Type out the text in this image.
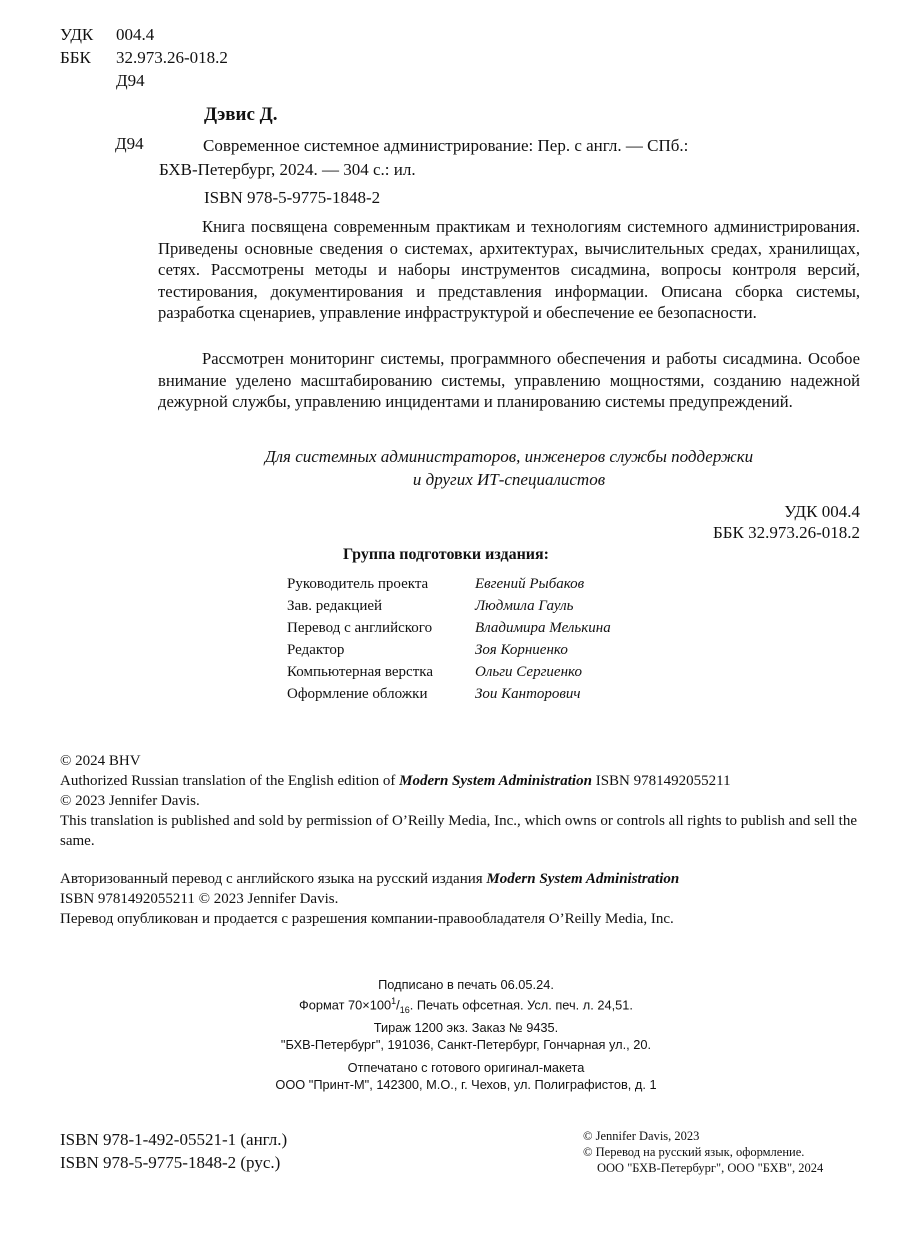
УДК 004.4
ББК 32.973.26-018.2
Д94
Дэвис Д.
Д94	Современное системное администрирование: Пер. с англ. — СПб.:
БХВ-Петербург, 2024. — 304 с.: ил.
ISBN 978-5-9775-1848-2
Книга посвящена современным практикам и технологиям системного администрирования. Приведены основные сведения о системах, архитектурах, вычислительных средах, хранилищах, сетях. Рассмотрены методы и наборы инструментов сисадмина, вопросы контроля версий, тестирования, документирования и представления информации. Описана сборка системы, разработка сценариев, управление инфраструктурой и обеспечение ее безопасности.
Рассмотрен мониторинг системы, программного обеспечения и работы сисадмина. Особое внимание уделено масштабированию системы, управлению мощностями, созданию надежной дежурной службы, управлению инцидентами и планированию системы предупреждений.
Для системных администраторов, инженеров службы поддержки
и других ИТ-специалистов
УДК 004.4
ББК 32.973.26-018.2
Группа подготовки издания:
Руководитель проекта	Евгений Рыбаков
Зав. редакцией	Людмила Гауль
Перевод с английского	Владимира Мелькина
Редактор	Зоя Корниенко
Компьютерная верстка	Ольги Сергиенко
Оформление обложки	Зои Канторович
© 2024 BHV
Authorized Russian translation of the English edition of Modern System Administration ISBN 9781492055211
© 2023 Jennifer Davis.
This translation is published and sold by permission of O’Reilly Media, Inc., which owns or controls all rights to publish and sell the same.
Авторизованный перевод с английского языка на русский издания Modern System Administration
ISBN 9781492055211 © 2023 Jennifer Davis.
Перевод опубликован и продается с разрешения компании-правообладателя O’Reilly Media, Inc.
Подписано в печать 06.05.24.
Формат $70\times 100^1/_{16}$. Печать офсетная. Усл. печ. л. 24,51.
Тираж 1200 экз. Заказ № 9435.
"БХВ-Петербург", 191036, Санкт-Петербург, Гончарная ул., 20.
Отпечатано с готового оригинал-макета
ООО "Принт-М", 142300, М.О., г. Чехов, ул. Полиграфистов, д. 1
ISBN 978-1-492-05521-1 (англ.)
ISBN 978-5-9775-1848-2 (рус.)
© Jennifer Davis, 2023
© Перевод на русский язык, оформление.
ООО "БХВ-Петербург", ООО "БХВ", 2024
